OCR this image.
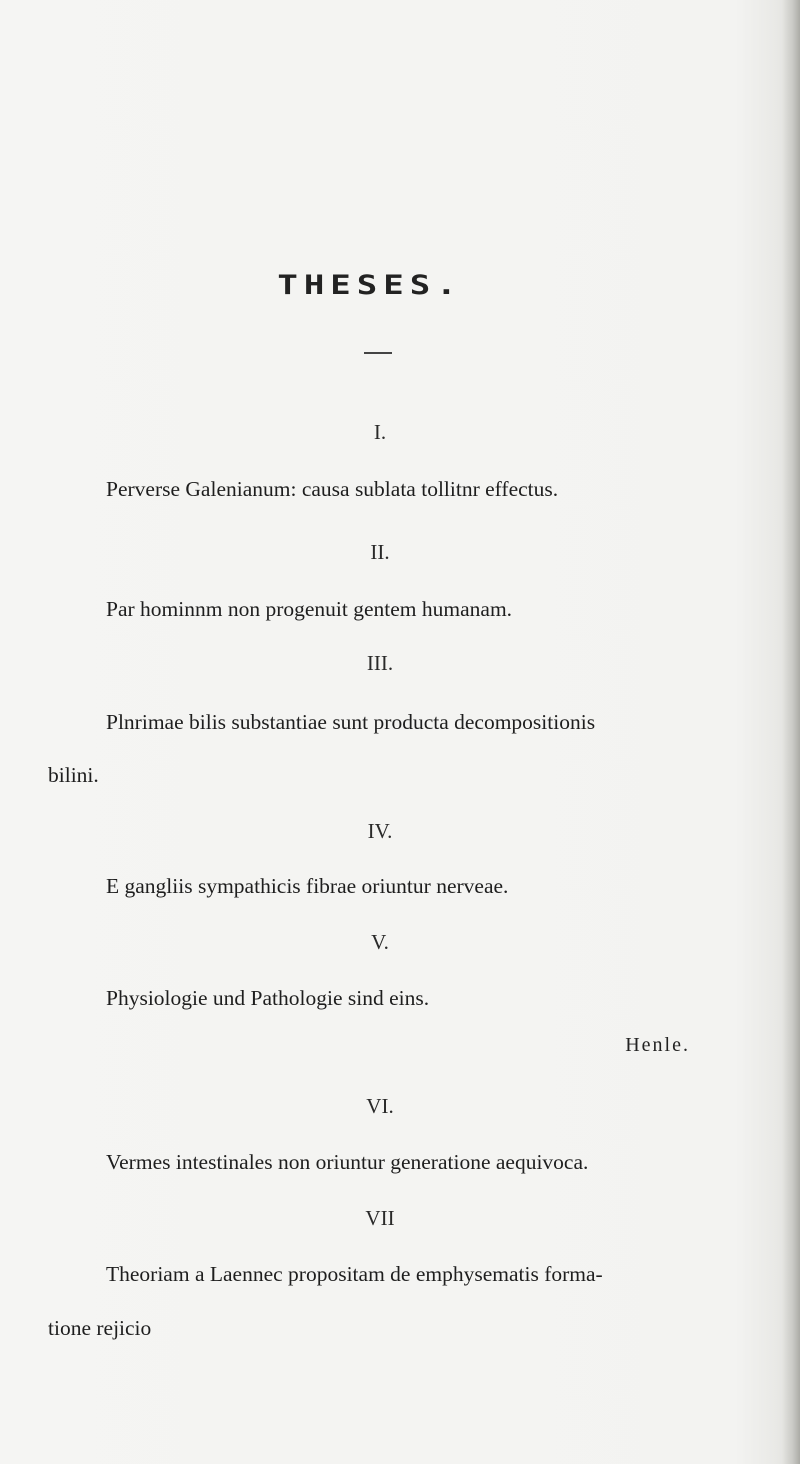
THESES.
I.
Perverse Galenianum: causa sublata tollitnr effectus.
II.
Par hominnm non progenuit gentem humanam.
III.
Plnrimae bilis substantiae sunt producta decompositionis
bilini.
IV.
E gangliis sympathicis fibrae oriuntur nerveae.
V.
Physiologie und Pathologie sind eins.
Henle.
VI.
Vermes intestinales non oriuntur generatione aequivoca.
VII
Theoriam a Laennec propositam de emphysematis forma-
tione rejicio
